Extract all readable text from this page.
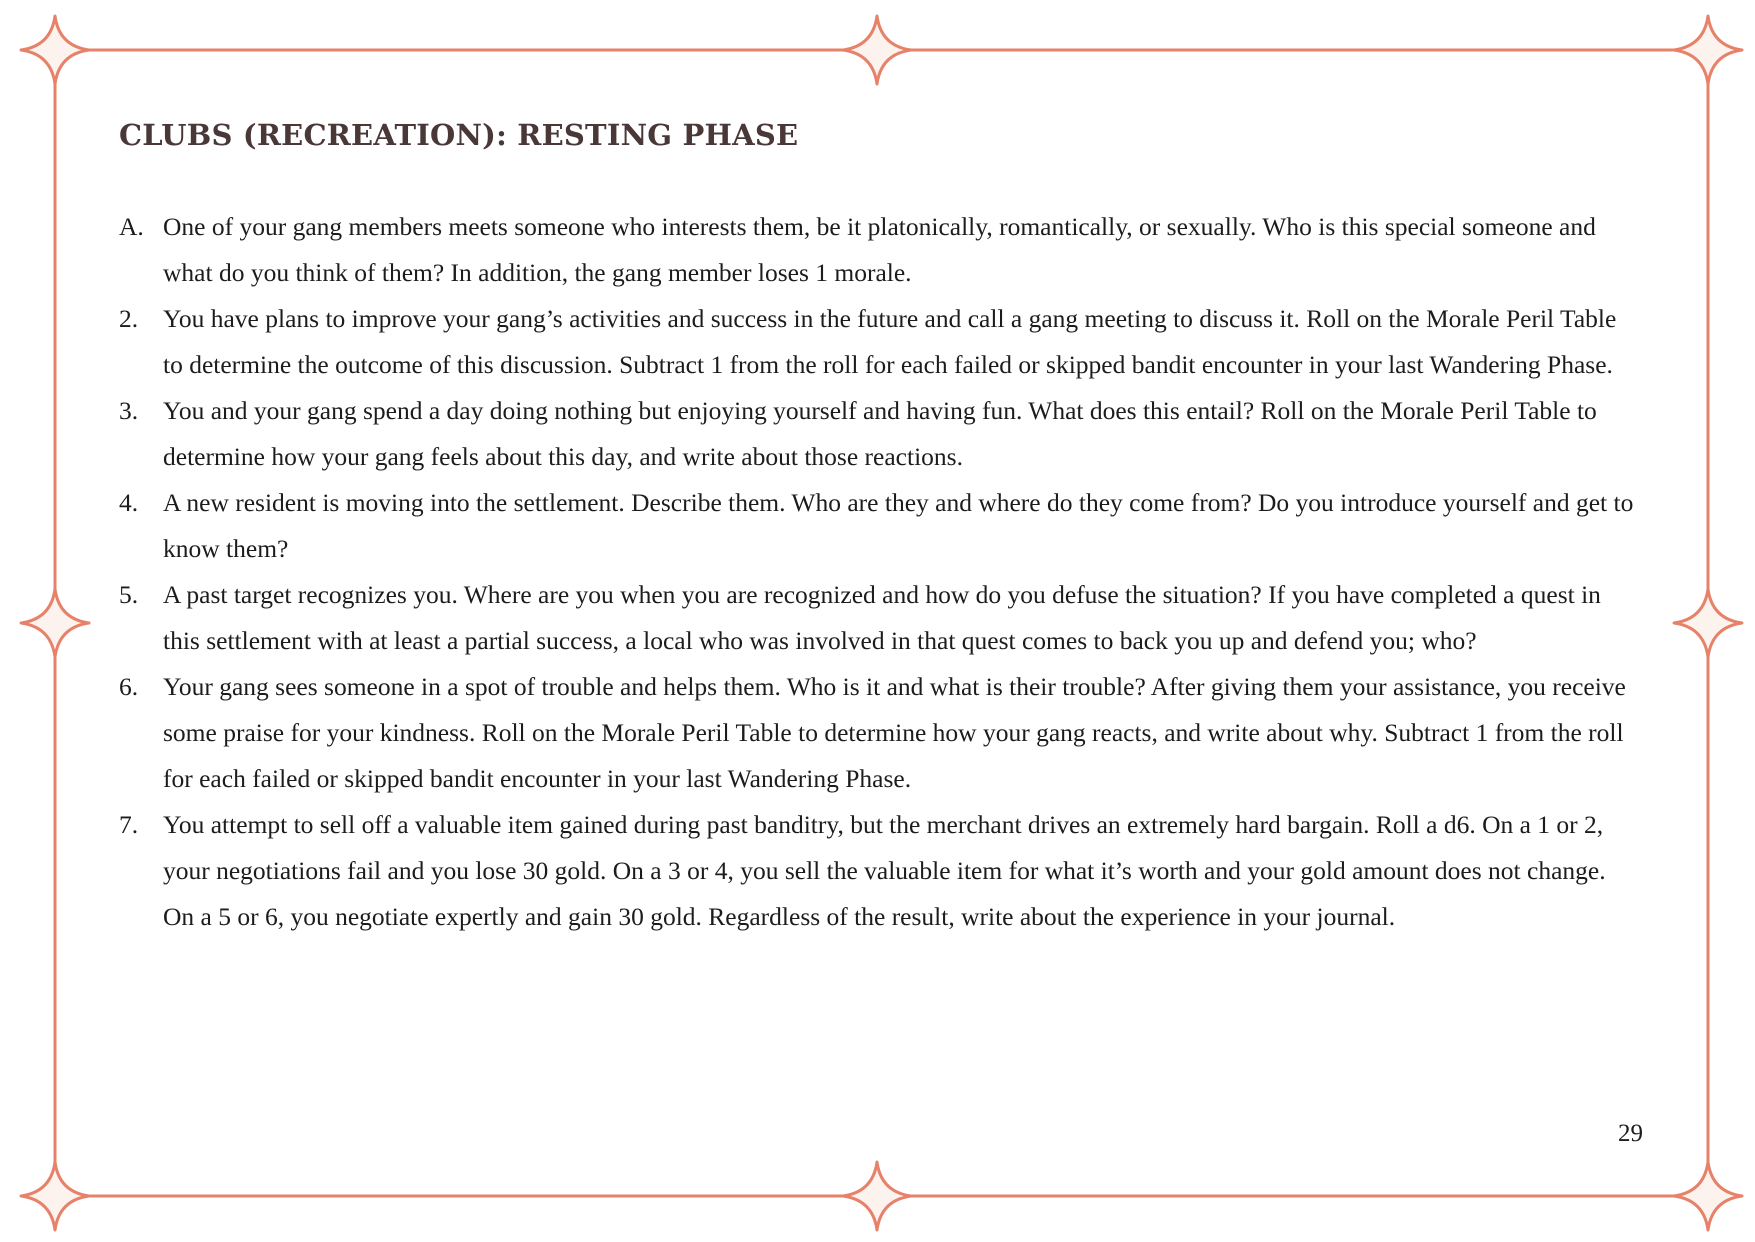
CLUBS (RECREATION): RESTING PHASE
A. One of your gang members meets someone who interests them, be it platonically, romantically, or sexually. Who is this special someone and what do you think of them? In addition, the gang member loses 1 morale.
2. You have plans to improve your gang’s activities and success in the future and call a gang meeting to discuss it. Roll on the Morale Peril Table to determine the outcome of this discussion. Subtract 1 from the roll for each failed or skipped bandit encounter in your last Wandering Phase.
3. You and your gang spend a day doing nothing but enjoying yourself and having fun. What does this entail? Roll on the Morale Peril Table to determine how your gang feels about this day, and write about those reactions.
4. A new resident is moving into the settlement. Describe them. Who are they and where do they come from? Do you introduce yourself and get to know them?
5. A past target recognizes you. Where are you when you are recognized and how do you defuse the situation? If you have completed a quest in this settlement with at least a partial success, a local who was involved in that quest comes to back you up and defend you; who?
6. Your gang sees someone in a spot of trouble and helps them. Who is it and what is their trouble? After giving them your assistance, you receive some praise for your kindness. Roll on the Morale Peril Table to determine how your gang reacts, and write about why. Subtract 1 from the roll for each failed or skipped bandit encounter in your last Wandering Phase.
7. You attempt to sell off a valuable item gained during past banditry, but the merchant drives an extremely hard bargain. Roll a d6. On a 1 or 2, your negotiations fail and you lose 30 gold. On a 3 or 4, you sell the valuable item for what it’s worth and your gold amount does not change. On a 5 or 6, you negotiate expertly and gain 30 gold. Regardless of the result, write about the experience in your journal.
29
